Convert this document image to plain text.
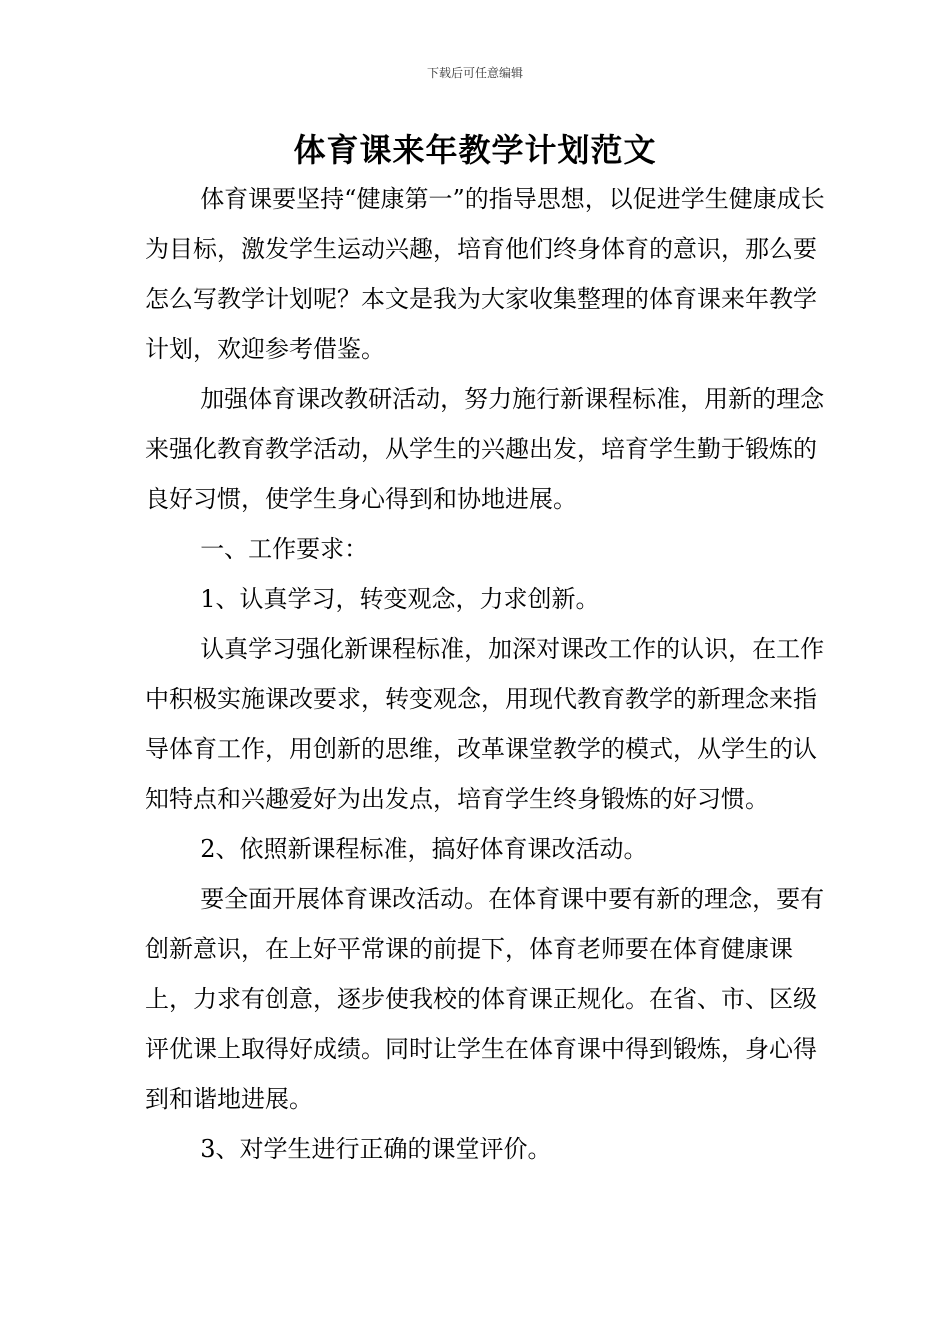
下载后可任意编辑
体育课来年教学计划范文

体育课要坚持“健康第一”的指导思想，以促进学生健康成长为目标，激发学生运动兴趣，培育他们终身体育的意识，那么要怎么写教学计划呢？本文是我为大家收集整理的体育课来年教学计划，欢迎参考借鉴。

加强体育课改教研活动，努力施行新课程标准，用新的理念来强化教育教学活动，从学生的兴趣出发，培育学生勤于锻炼的良好习惯，使学生身心得到和协地进展。

一、工作要求：

1、认真学习，转变观念，力求创新。

认真学习强化新课程标准，加深对课改工作的认识，在工作中积极实施课改要求，转变观念，用现代教育教学的新理念来指导体育工作，用创新的思维，改革课堂教学的模式，从学生的认知特点和兴趣爱好为出发点，培育学生终身锻炼的好习惯。

2、依照新课程标准，搞好体育课改活动。

要全面开展体育课改活动。在体育课中要有新的理念，要有创新意识，在上好平常课的前提下，体育老师要在体育健康课上，力求有创意，逐步使我校的体育课正规化。在省、市、区级评优课上取得好成绩。同时让学生在体育课中得到锻炼，身心得到和谐地进展。

3、对学生进行正确的课堂评价。
